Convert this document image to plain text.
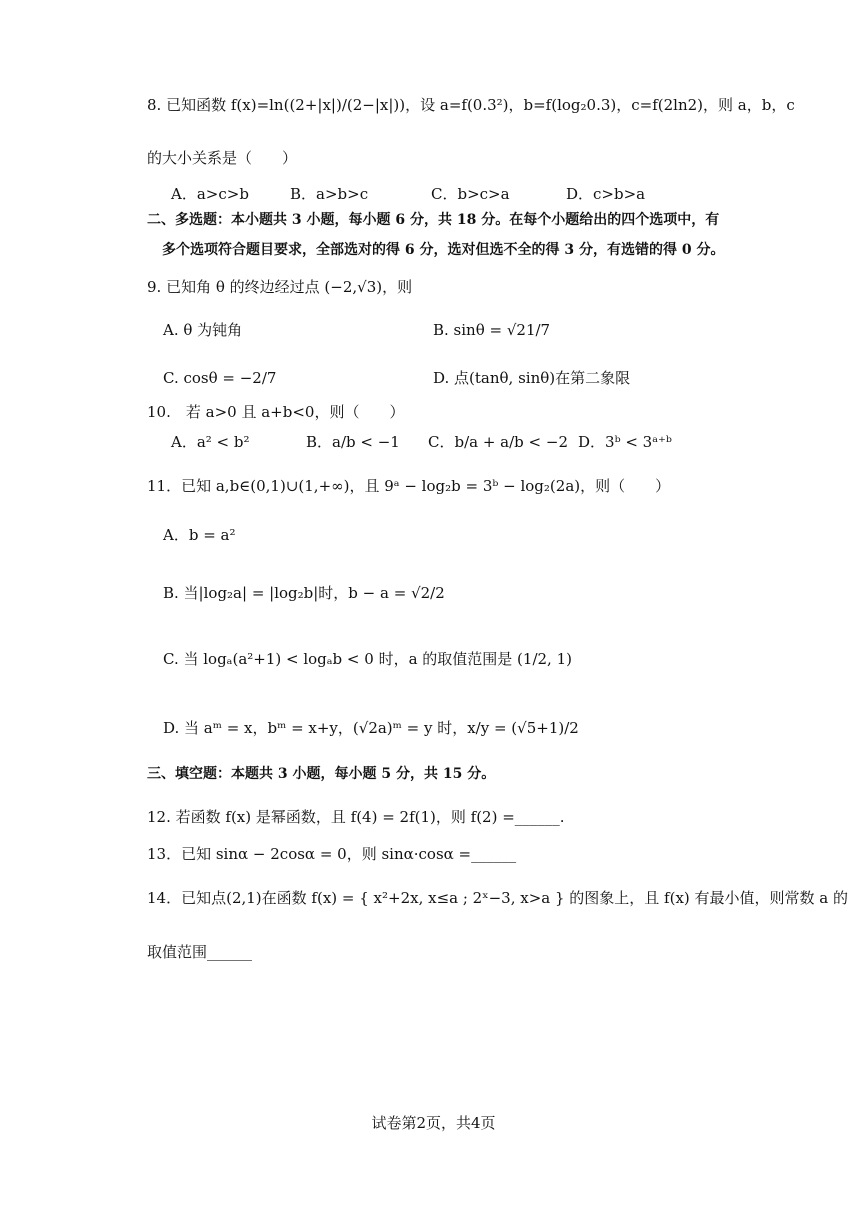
8. 已知函数 f(x)=ln((2+|x|)/(2−|x|))，设 a=f(0.3²)，b=f(log₂0.3)，c=f(2ln2)，则 a，b，c
的大小关系是（　　）
A．a>c>b	B．a>b>c	C．b>c>a	D．c>b>a
二、多选题：本小题共 3 小题，每小题 6 分，共 18 分。在每个小题给出的四个选项中，有
多个选项符合题目要求，全部选对的得 6 分，选对但选不全的得 3 分，有选错的得 0 分。
9. 已知角 θ 的终边经过点 (−2,√3)，则
A. θ 为钝角	B. sinθ = √21/7
C. cosθ = −2/7	D. 点(tanθ, sinθ)在第二象限
10.　若 a>0 且 a+b<0，则（　　）
A．a² < b²	B．a/b < −1 C．b/a + a/b < −2 D．3ᵇ < 3ᵃ⁺ᵇ
11．已知 a,b∈(0,1)∪(1,+∞)，且 9ᵃ − log₂b = 3ᵇ − log₂(2a)，则（　　）
A．b = a²
B. 当|log₂a| = |log₂b|时，b − a = √2/2
C. 当 logₐ(a²+1) < logₐb < 0 时，a 的取值范围是 (1/2, 1)
D. 当 aᵐ = x，bᵐ = x+y，(√2a)ᵐ = y 时，x/y = (√5+1)/2
三、填空题：本题共 3 小题，每小题 5 分，共 15 分。
12. 若函数 f(x) 是幂函数，且 f(4) = 2f(1)，则 f(2) =______.
13．已知 sinα − 2cosα = 0，则 sinα·cosα =______
14．已知点(2,1)在函数 f(x) = { x²+2x, x≤a ; 2ˣ−3, x>a } 的图象上，且 f(x) 有最小值，则常数 a 的
取值范围______
试卷第2页，共4页
